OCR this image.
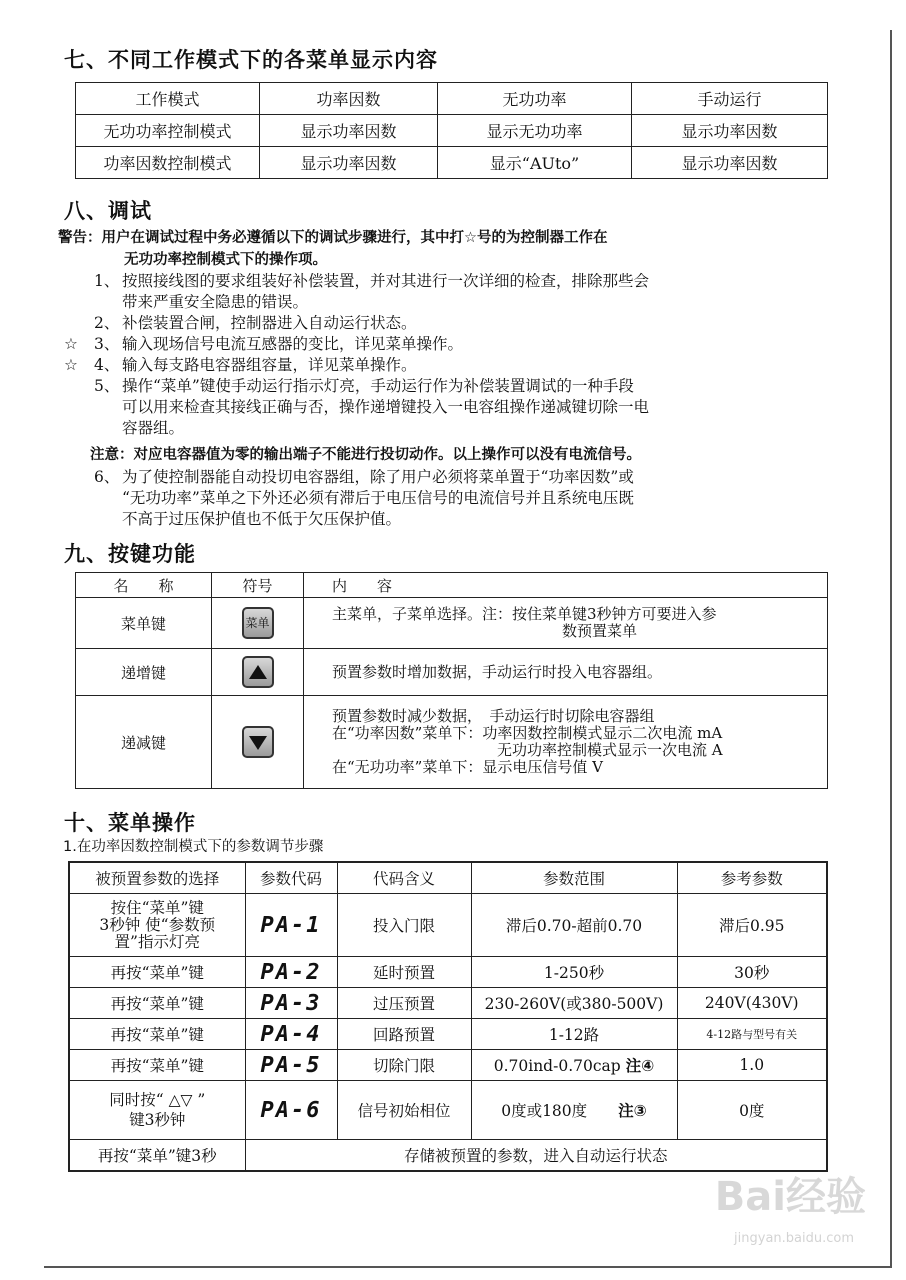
七、不同工作模式下的各菜单显示内容
工作模式	功率因数	无功功率	手动运行
无功功率控制模式	显示功率因数	显示无功功率	显示功率因数
功率因数控制模式	显示功率因数	显示“AUto”	显示功率因数
八、调试
警告：用户在调试过程中务必遵循以下的调试步骤进行，其中打☆号的为控制器工作在
无功功率控制模式下的操作项。
1、 按照接线图的要求组装好补偿装置，并对其进行一次详细的检查，排除那些会
带来严重安全隐患的错误。
2、 补偿装置合闸，控制器进入自动运行状态。
☆ 3、 输入现场信号电流互感器的变比，详见菜单操作。
☆ 4、 输入每支路电容器组容量，详见菜单操作。
5、 操作“菜单”键使手动运行指示灯亮，手动运行作为补偿装置调试的一种手段
可以用来检查其接线正确与否，操作递增键投入一电容组操作递减键切除一电
容器组。
注意：对应电容器值为零的输出端子不能进行投切动作。以上操作可以没有电流信号。
6、 为了使控制器能自动投切电容器组，除了用户必须将菜单置于“功率因数”或
“无功功率”菜单之下外还必须有滞后于电压信号的电流信号并且系统电压既
不高于过压保护值也不低于欠压保护值。
九、按键功能
名　　称	符号	内　　容
菜单键	菜单	主菜单，子菜单选择。注：按住菜单键3秒钟方可要进入参
数预置菜单

递增键		预置参数时增加数据，手动运行时投入电容器组。

递减键		预置参数时减少数据，　手动运行时切除电容器组
在“功率因数”菜单下：功率因数控制模式显示二次电流 mA
　　　　　　　　　　　无功功率控制模式显示一次电流 A
在“无功功率”菜单下：显示电压信号值 V
十、菜单操作
1.在功率因数控制模式下的参数调节步骤
被预置参数的选择	参数代码	代码含义	参数范围	参考参数

按住“菜单”键
3秒钟 使“参数预
置”指示灯亮	PA-1	投入门限	滞后0.70-超前0.70	滞后0.95
再按“菜单”键	PA-2	延时预置	1-250秒	30秒
再按“菜单”键	PA-3	过压预置	230-260V(或380-500V)	240V(430V)
再按“菜单”键	PA-4	回路预置	1-12路	4-12路与型号有关
再按“菜单”键	PA-5	切除门限	0.70ind-0.70cap 注④	1.0

同时按“ △▽ ”
键3秒钟	PA-6	信号初始相位	0度或180度　　 注③	0度
再按“菜单”键3秒	存储被预置的参数，进入自动运行状态			
Bai经验
jingyan.baidu.com
